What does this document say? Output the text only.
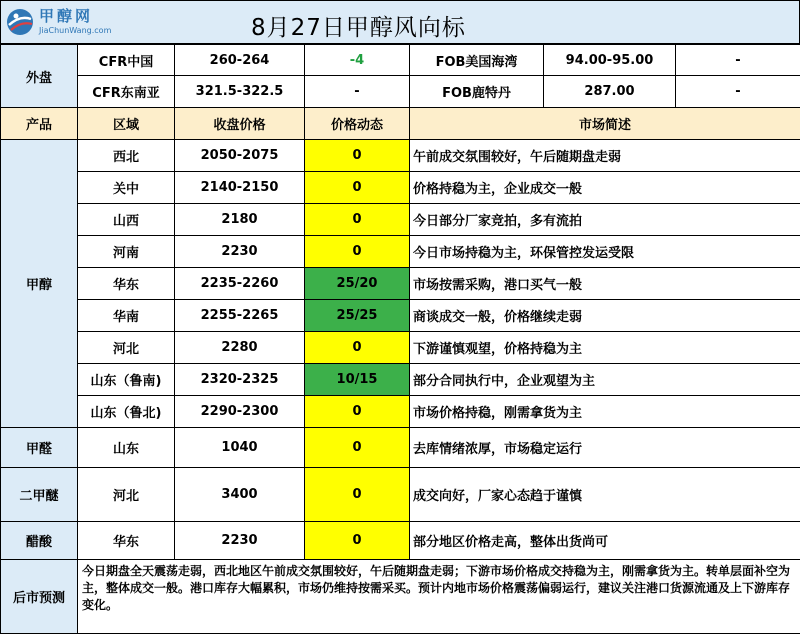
甲醇网
JiaChunWang.com	8月27日甲醇风向标
外盘	CFR中国	260-264	-4	FOB美国海湾	94.00-95.00	-
	CFR东南亚	321.5-322.5	-	FOB鹿特丹	287.00	-
产品	区域	收盘价格	价格动态	市场简述		
甲醇	西北	2050-2075	0	午前成交氛围较好，午后随期盘走弱		
	关中	2140-2150	0	价格持稳为主，企业成交一般		
	山西	2180	0	今日部分厂家竞拍，多有流拍		
	河南	2230	0	今日市场持稳为主，环保管控发运受限		
	华东	2235-2260	25/20	市场按需采购，港口买气一般		
	华南	2255-2265	25/25	商谈成交一般，价格继续走弱		
	河北	2280	0	下游谨慎观望，价格持稳为主		
	山东（鲁南)	2320-2325	10/15	部分合同执行中，企业观望为主		
	山东（鲁北)	2290-2300	0	市场价格持稳，刚需拿货为主		
甲醛	山东	1040	0	去库情绪浓厚，市场稳定运行		
二甲醚	河北	3400	0	成交向好，厂家心态趋于谨慎		
醋酸	华东	2230	0	部分地区价格走高，整体出货尚可		
后市预测	今日期盘全天震荡走弱，西北地区午前成交氛围较好，午后随期盘走弱；下游市场价格成交持稳为主，刚需拿货为主。转单层面补空为主，整体成交一般。港口库存大幅累积，市场仍维持按需采买。预计内地市场价格震荡偏弱运行，建议关注港口货源流通及上下游库存变化。					
